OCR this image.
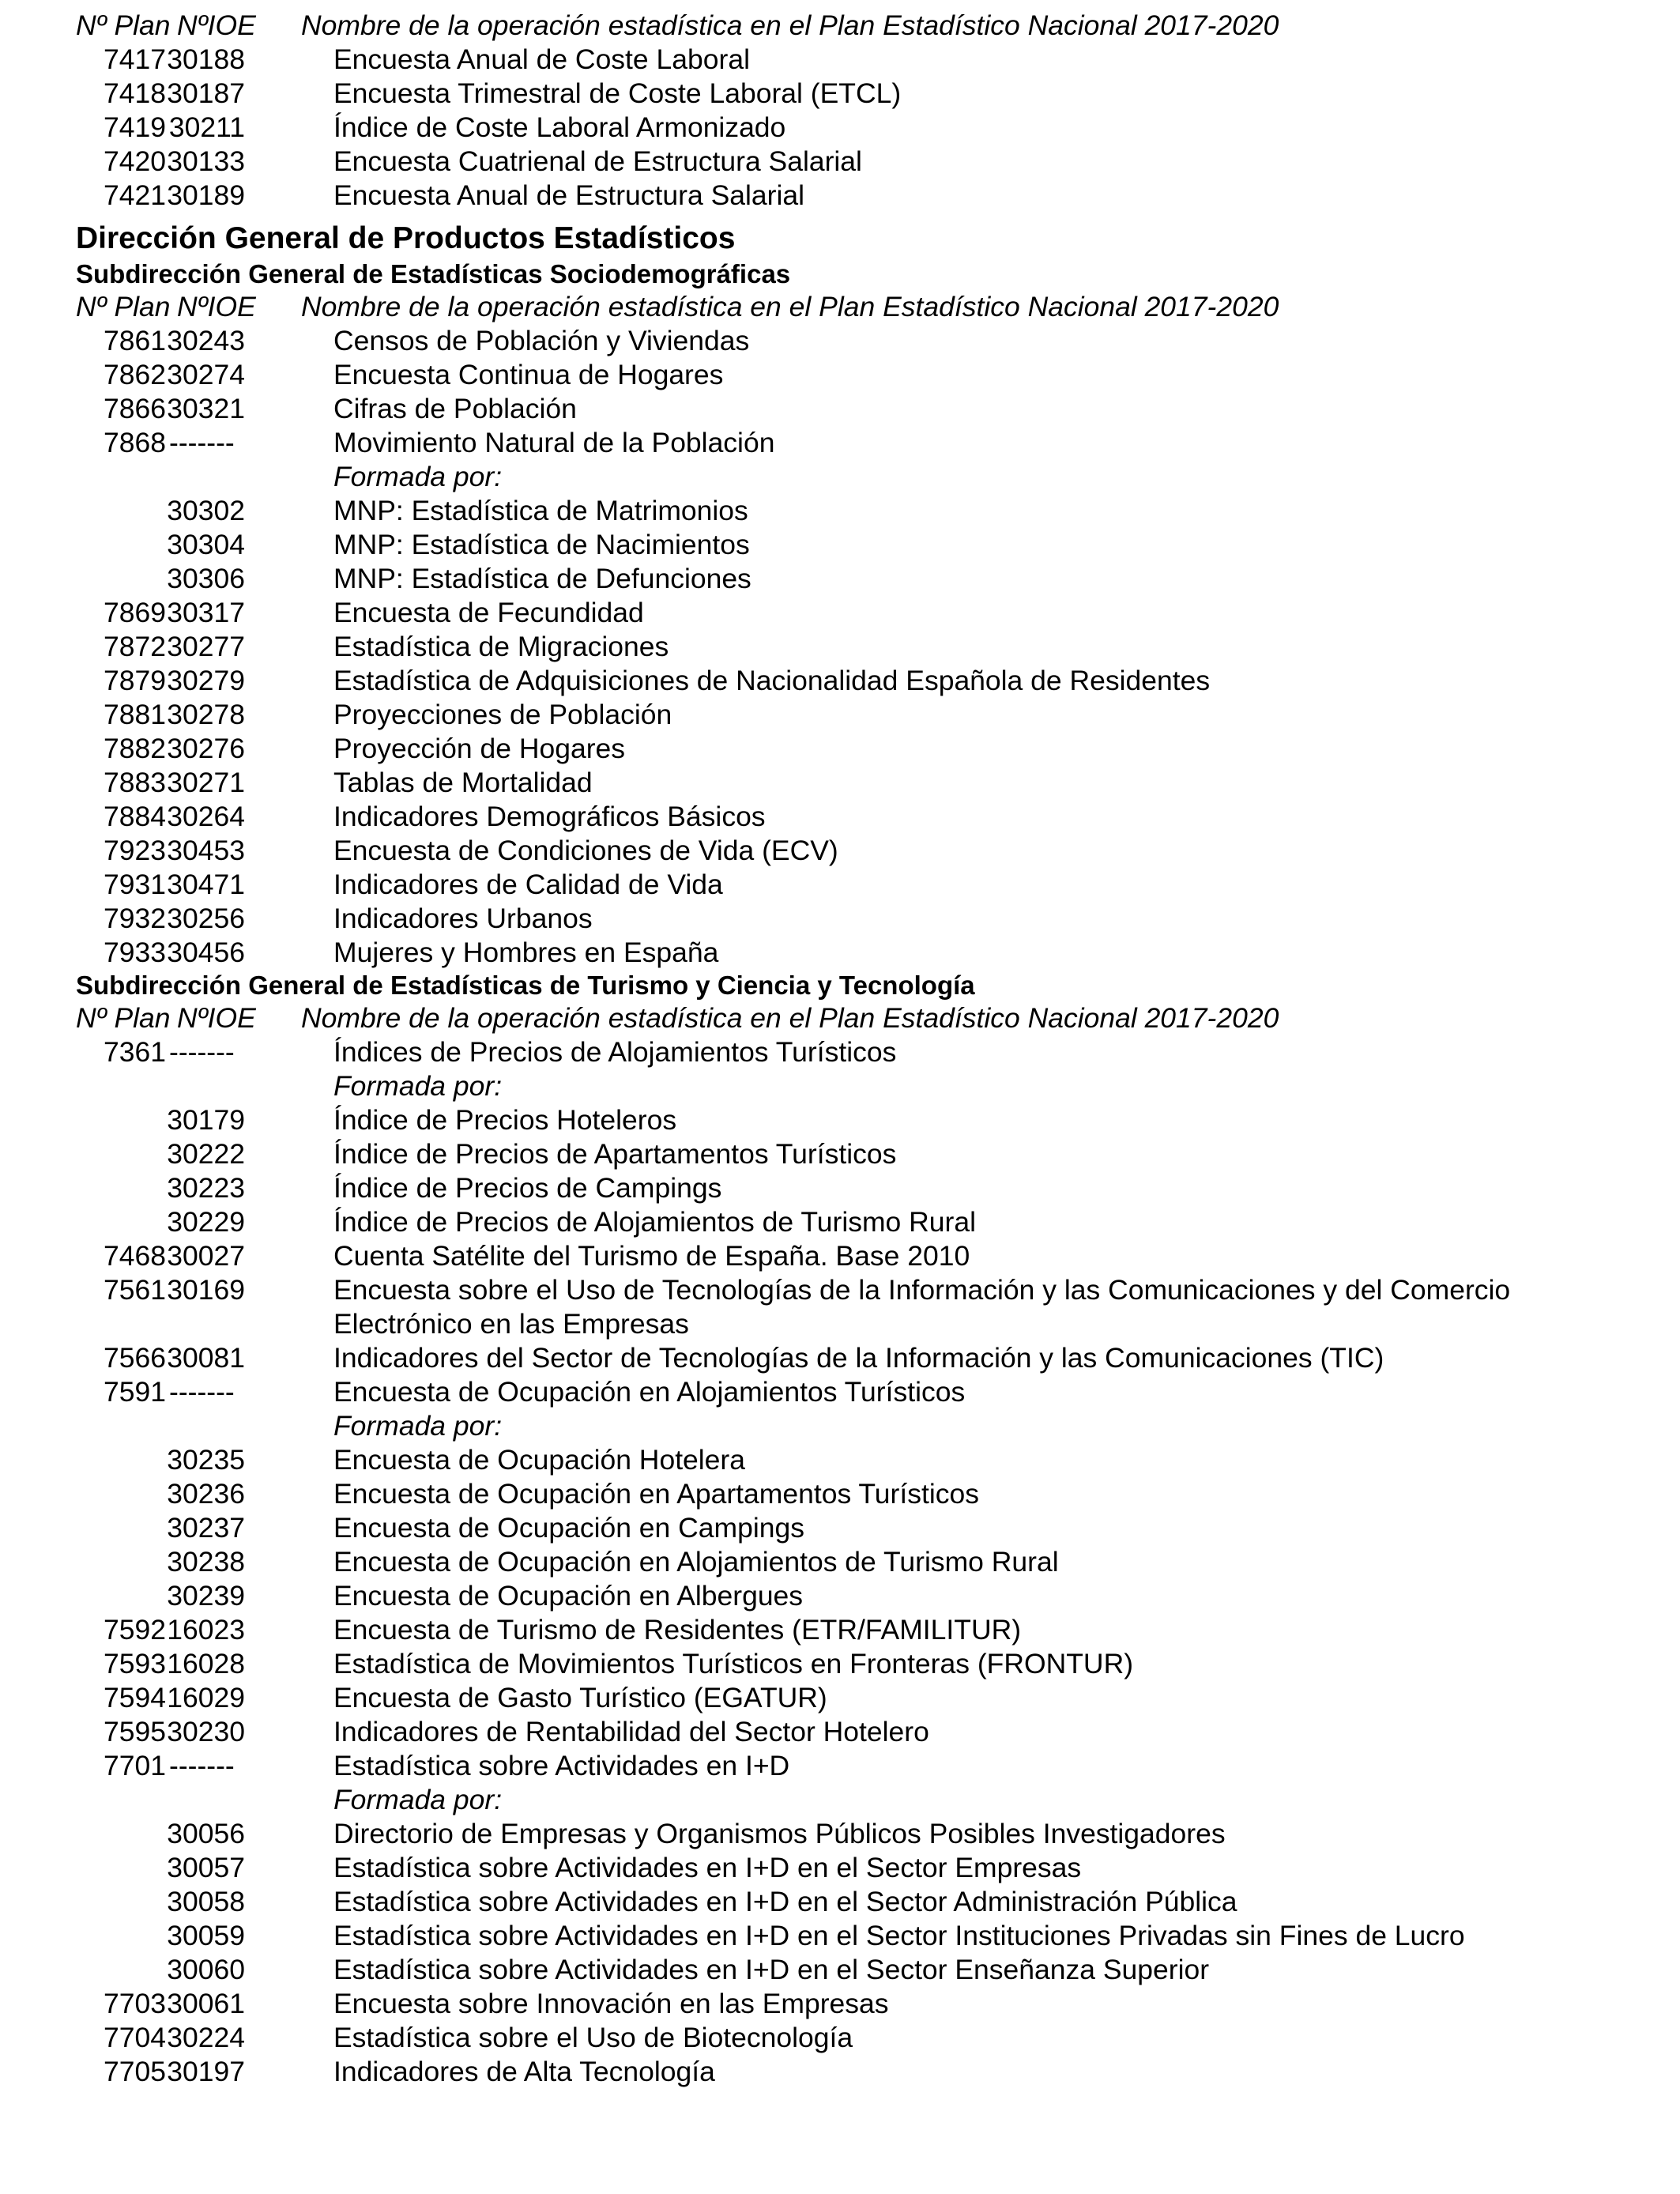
Nº Plan NºIOE	Nombre de la operación estadística en el Plan Estadístico Nacional 2017-2020
7417 30188	Encuesta Anual de Coste Laboral
7418 30187	Encuesta Trimestral de Coste Laboral (ETCL)
7419 30211	Índice de Coste Laboral Armonizado
7420 30133	Encuesta Cuatrienal de Estructura Salarial
7421 30189	Encuesta Anual de Estructura Salarial
Dirección General de Productos Estadísticos
Subdirección General de Estadísticas Sociodemográficas
Nº Plan NºIOE	Nombre de la operación estadística en el Plan Estadístico Nacional 2017-2020
7861 30243	Censos de Población y Viviendas
7862 30274	Encuesta Continua de Hogares
7866 30321	Cifras de Población
7868 -------	Movimiento Natural de la Población
Formada por:
30302	MNP: Estadística de Matrimonios
30304	MNP: Estadística de Nacimientos
30306	MNP: Estadística de Defunciones
7869 30317	Encuesta de Fecundidad
7872 30277	Estadística de Migraciones
7879 30279	Estadística de Adquisiciones de Nacionalidad Española de Residentes
7881 30278	Proyecciones de Población
7882 30276	Proyección de Hogares
7883 30271	Tablas de Mortalidad
7884 30264	Indicadores Demográficos Básicos
7923 30453	Encuesta de Condiciones de Vida (ECV)
7931 30471	Indicadores de Calidad de Vida
7932 30256	Indicadores Urbanos
7933 30456	Mujeres y Hombres en España
Subdirección General de Estadísticas de Turismo y Ciencia y Tecnología
Nº Plan NºIOE	Nombre de la operación estadística en el Plan Estadístico Nacional 2017-2020
7361 -------	Índices de Precios de Alojamientos Turísticos
Formada por:
30179	Índice de Precios Hoteleros
30222	Índice de Precios de Apartamentos Turísticos
30223	Índice de Precios de Campings
30229	Índice de Precios de Alojamientos de Turismo Rural
7468 30027	Cuenta Satélite del Turismo de España. Base 2010
7561 30169	Encuesta sobre el Uso de Tecnologías de la Información y las Comunicaciones y del Comercio
Electrónico en las Empresas
7566 30081	Indicadores del Sector de Tecnologías de la Información y las Comunicaciones (TIC)
7591 -------	Encuesta de Ocupación en Alojamientos Turísticos
Formada por:
30235	Encuesta de Ocupación Hotelera
30236	Encuesta de Ocupación en Apartamentos Turísticos
30237	Encuesta de Ocupación en Campings
30238	Encuesta de Ocupación en Alojamientos de Turismo Rural
30239	Encuesta de Ocupación en Albergues
7592 16023	Encuesta de Turismo de Residentes (ETR/FAMILITUR)
7593 16028	Estadística de Movimientos Turísticos en Fronteras (FRONTUR)
7594 16029	Encuesta de Gasto Turístico (EGATUR)
7595 30230	Indicadores de Rentabilidad del Sector Hotelero
7701 -------	Estadística sobre Actividades en I+D
Formada por:
30056	Directorio de Empresas y Organismos Públicos Posibles Investigadores
30057	Estadística sobre Actividades en I+D en el Sector Empresas
30058	Estadística sobre Actividades en I+D en el Sector Administración Pública
30059	Estadística sobre Actividades en I+D en el Sector Instituciones Privadas sin Fines de Lucro
30060	Estadística sobre Actividades en I+D en el Sector Enseñanza Superior
7703 30061	Encuesta sobre Innovación en las Empresas
7704 30224	Estadística sobre el Uso de Biotecnología
7705 30197	Indicadores de Alta Tecnología
